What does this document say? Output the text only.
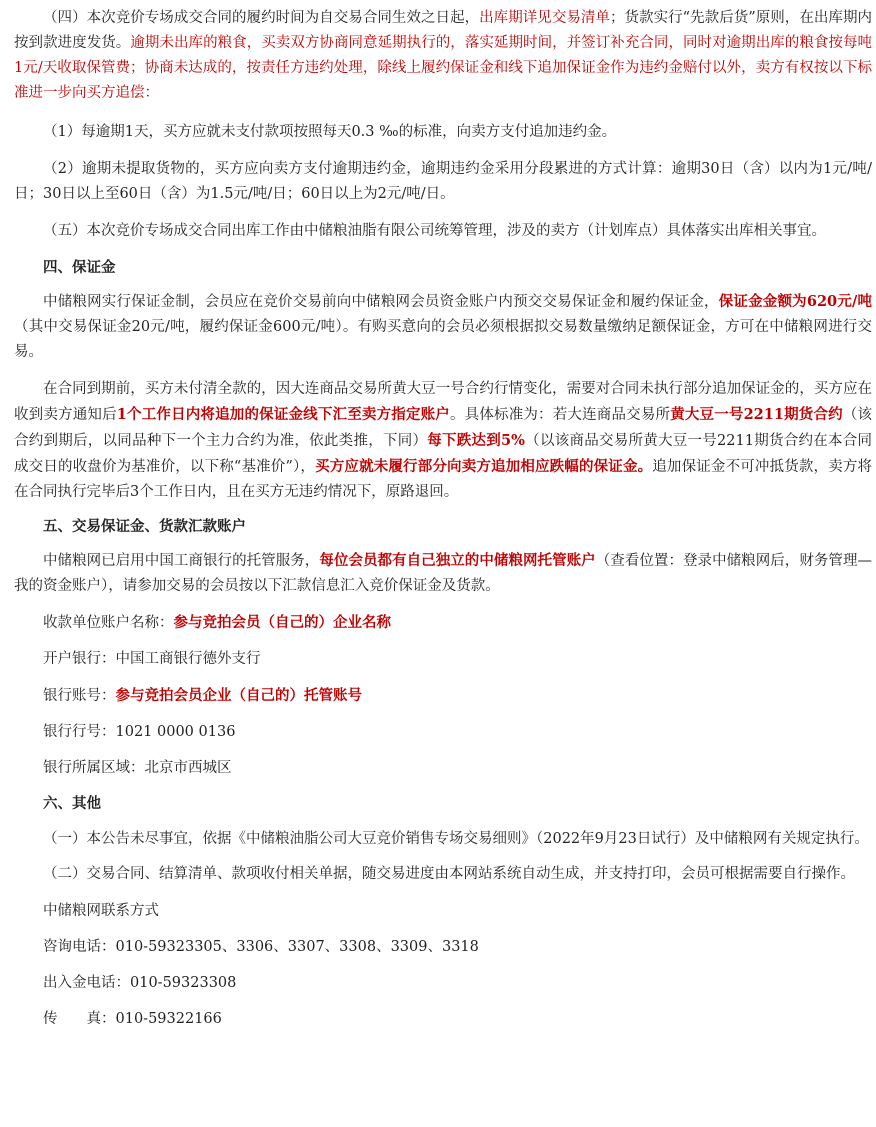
（四）本次竞价专场成交合同的履约时间为自交易合同生效之日起，出库期详见交易清单；货款实行“先款后货”原则，在出库期内按到款进度发货。逾期未出库的粮食，买卖双方协商同意延期执行的，落实延期时间，并签订补充合同，同时对逾期出库的粮食按每吨1元/天收取保管费；协商未达成的，按责任方违约处理，除线上履约保证金和线下追加保证金作为违约金赔付以外，卖方有权按以下标准进一步向买方追偿：

（1）每逾期1天，买方应就未支付款项按照每天0.3 ‰的标准，向卖方支付追加违约金。

（2）逾期未提取货物的，买方应向卖方支付逾期违约金，逾期违约金采用分段累进的方式计算：逾期30日（含）以内为1元/吨/日；30日以上至60日（含）为1.5元/吨/日；60日以上为2元/吨/日。

（五）本次竞价专场成交合同出库工作由中储粮油脂有限公司统筹管理，涉及的卖方（计划库点）具体落实出库相关事宜。

四、保证金

中储粮网实行保证金制，会员应在竞价交易前向中储粮网会员资金账户内预交交易保证金和履约保证金，保证金金额为620元/吨（其中交易保证金20元/吨，履约保证金600元/吨）。有购买意向的会员必须根据拟交易数量缴纳足额保证金，方可在中储粮网进行交易。

在合同到期前，买方未付清全款的，因大连商品交易所黄大豆一号合约行情变化，需要对合同未执行部分追加保证金的，买方应在收到卖方通知后1个工作日内将追加的保证金线下汇至卖方指定账户。具体标准为：若大连商品交易所黄大豆一号2211期货合约（该合约到期后，以同品种下一个主力合约为准，依此类推，下同）每下跌达到5%（以该商品交易所黄大豆一号2211期货合约在本合同成交日的收盘价为基准价，以下称“基准价”），买方应就未履行部分向卖方追加相应跌幅的保证金。追加保证金不可冲抵货款，卖方将在合同执行完毕后3个工作日内，且在买方无违约情况下，原路退回。

五、交易保证金、货款汇款账户

中储粮网已启用中国工商银行的托管服务，每位会员都有自己独立的中储粮网托管账户（查看位置：登录中储粮网后，财务管理—我的资金账户），请参加交易的会员按以下汇款信息汇入竞价保证金及货款。

收款单位账户名称：参与竞拍会员（自己的）企业名称

开户银行：中国工商银行德外支行

银行账号：参与竞拍会员企业（自己的）托管账号

银行行号：1021 0000 0136

银行所属区域：北京市西城区

六、其他

（一）本公告未尽事宜，依据《中储粮油脂公司大豆竞价销售专场交易细则》（2022年9月23日试行）及中储粮网有关规定执行。

（二）交易合同、结算清单、款项收付相关单据，随交易进度由本网站系统自动生成，并支持打印，会员可根据需要自行操作。

中储粮网联系方式

咨询电话：010-59323305、3306、3307、3308、3309、3318

出入金电话：010-59323308

传　　真：010-59322166
